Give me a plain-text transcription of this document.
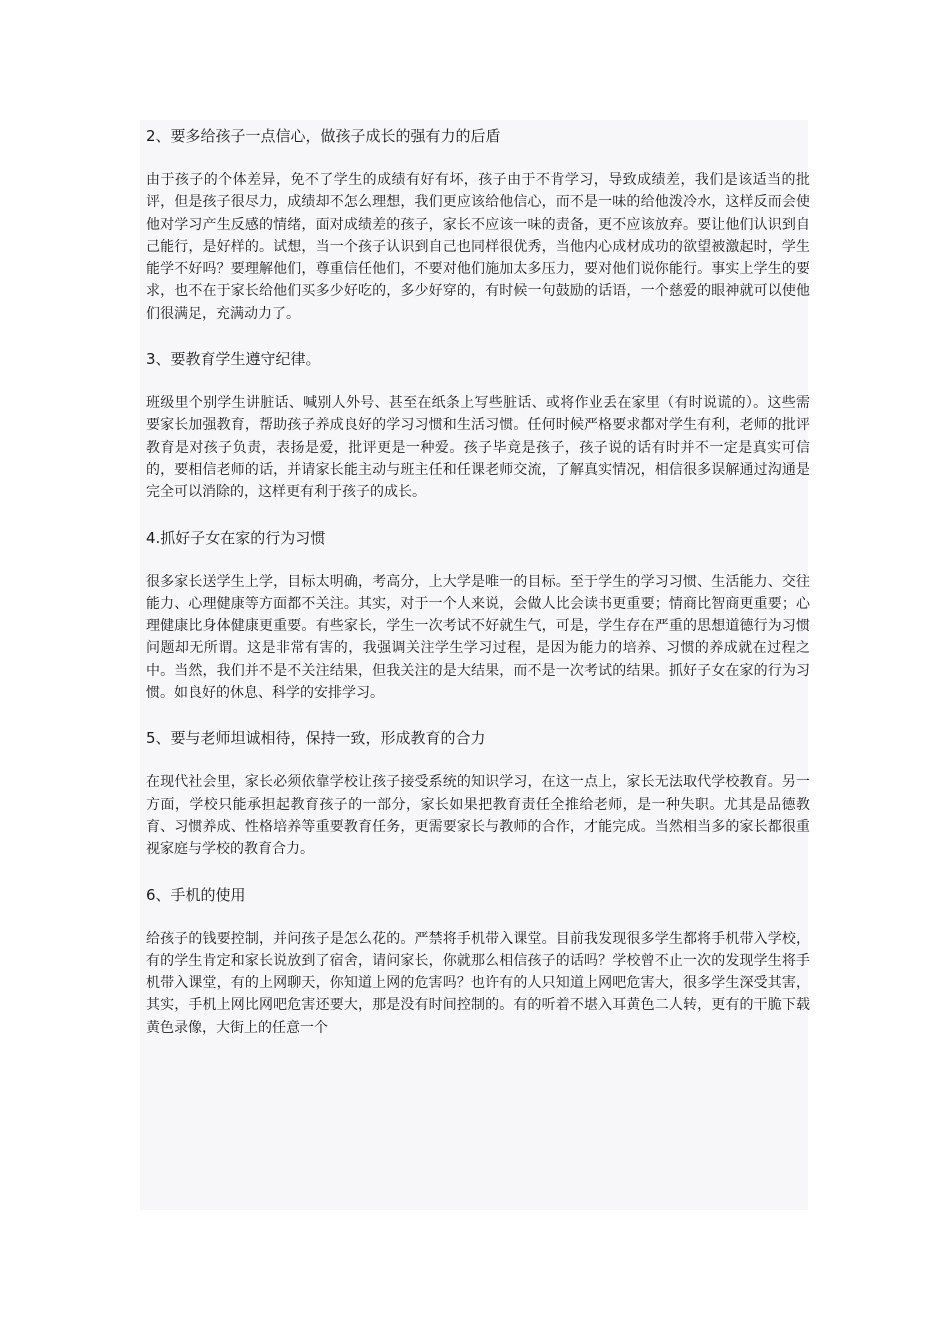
2、要多给孩子一点信心，做孩子成长的强有力的后盾
由于孩子的个体差异，免不了学生的成绩有好有坏，孩子由于不肯学习，导致成绩差，我们是该适当的批评，但是孩子很尽力，成绩却不怎么理想，我们更应该给他信心，而不是一味的给他泼冷水，这样反而会使他对学习产生反感的情绪，面对成绩差的孩子，家长不应该一味的责备，更不应该放弃。要让他们认识到自己能行，是好样的。试想，当一个孩子认识到自己也同样很优秀，当他内心成材成功的欲望被激起时，学生能学不好吗？要理解他们，尊重信任他们，不要对他们施加太多压力，要对他们说你能行。事实上学生的要求，也不在于家长给他们买多少好吃的，多少好穿的，有时候一句鼓励的话语，一个慈爱的眼神就可以使他们很满足，充满动力了。
3、要教育学生遵守纪律。
班级里个别学生讲脏话、喊别人外号、甚至在纸条上写些脏话、或将作业丢在家里（有时说谎的）。这些需要家长加强教育，帮助孩子养成良好的学习习惯和生活习惯。任何时候严格要求都对学生有利，老师的批评教育是对孩子负责，表扬是爱，批评更是一种爱。孩子毕竟是孩子，孩子说的话有时并不一定是真实可信的，要相信老师的话，并请家长能主动与班主任和任课老师交流，了解真实情况，相信很多误解通过沟通是完全可以消除的，这样更有利于孩子的成长。
4.抓好子女在家的行为习惯
很多家长送学生上学，目标太明确，考高分，上大学是唯一的目标。至于学生的学习习惯、生活能力、交往能力、心理健康等方面都不关注。其实，对于一个人来说，会做人比会读书更重要；情商比智商更重要；心理健康比身体健康更重要。有些家长，学生一次考试不好就生气，可是，学生存在严重的思想道德行为习惯问题却无所谓。这是非常有害的，我强调关注学生学习过程，是因为能力的培养、习惯的养成就在过程之中。当然，我们并不是不关注结果，但我关注的是大结果，而不是一次考试的结果。抓好子女在家的行为习惯。如良好的休息、科学的安排学习。
5、要与老师坦诚相待，保持一致，形成教育的合力
在现代社会里，家长必须依靠学校让孩子接受系统的知识学习，在这一点上，家长无法取代学校教育。另一方面，学校只能承担起教育孩子的一部分，家长如果把教育责任全推给老师，是一种失职。尤其是品德教育、习惯养成、性格培养等重要教育任务，更需要家长与教师的合作，才能完成。当然相当多的家长都很重视家庭与学校的教育合力。
6、手机的使用
给孩子的钱要控制，并问孩子是怎么花的。严禁将手机带入课堂。目前我发现很多学生都将手机带入学校，有的学生肯定和家长说放到了宿舍，请问家长，你就那么相信孩子的话吗？学校曾不止一次的发现学生将手机带入课堂，有的上网聊天，你知道上网的危害吗？也许有的人只知道上网吧危害大，很多学生深受其害，其实，手机上网比网吧危害还要大，那是没有时间控制的。有的听着不堪入耳黄色二人转，更有的干脆下载黄色录像，大街上的任意一个
